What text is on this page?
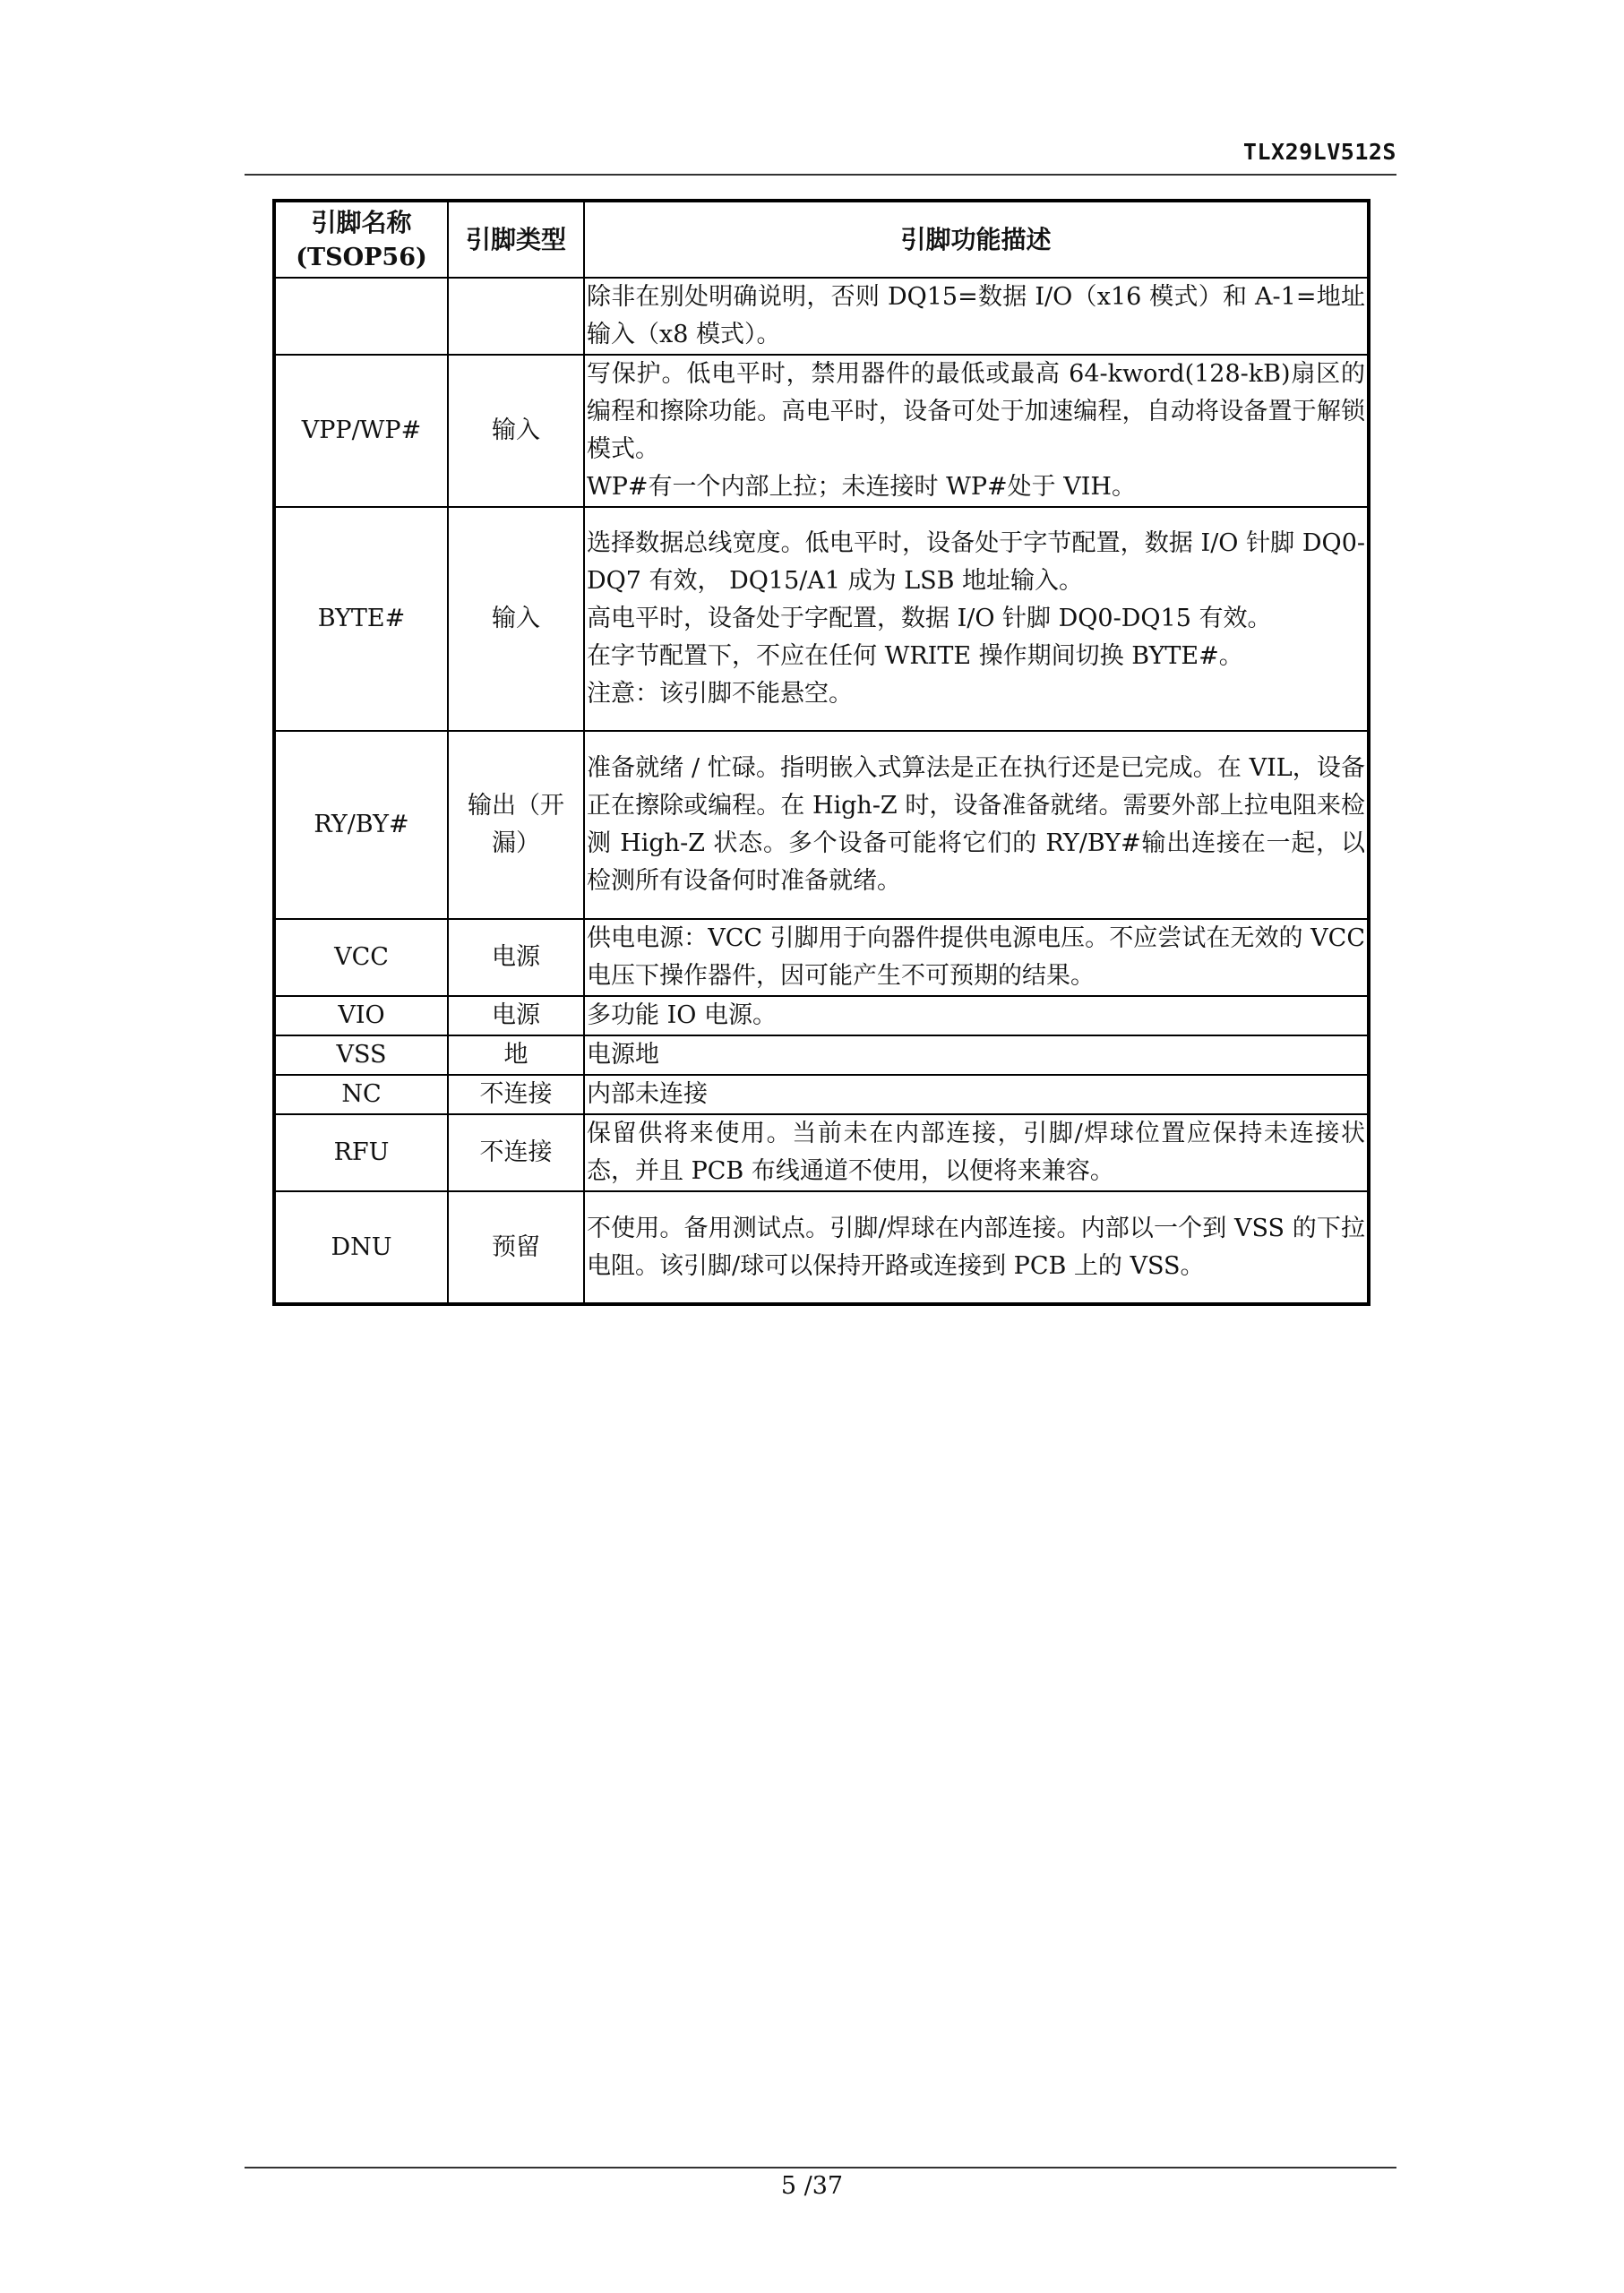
TLX29LV512S
引脚名称
(TSOP56)	引脚类型	引脚功能描述

		除非在别处明确说明，否则 DQ15=数据 I/O（x16 模式）和 A-1=地址输入（x8 模式）。

VPP/WP#	输入	写保护。低电平时，禁用器件的最低或最高 64-kword(128-kB)扇区的编程和擦除功能。高电平时，设备可处于加速编程，自动将设备置于解锁模式。
WP#有一个内部上拉；未连接时 WP#处于 VIH。

BYTE#	输入	选择数据总线宽度。低电平时，设备处于字节配置，数据 I/O 针脚 DQ0-DQ7 有效， DQ15/A1 成为 LSB 地址输入。
高电平时，设备处于字配置，数据 I/O 针脚 DQ0-DQ15 有效。
在字节配置下，不应在任何 WRITE 操作期间切换 BYTE#。
注意：该引脚不能悬空。

RY/BY#	输出（开漏）	准备就绪 / 忙碌。指明嵌入式算法是正在执行还是已完成。在 VIL，设备正在擦除或编程。在 High-Z 时，设备准备就绪。需要外部上拉电阻来检测 High-Z 状态。多个设备可能将它们的 RY/BY#输出连接在一起，以检测所有设备何时准备就绪。

VCC	电源	供电电源：VCC 引脚用于向器件提供电源电压。不应尝试在无效的 VCC 电压下操作器件，因可能产生不可预期的结果。

VIO	电源	多功能 IO 电源。

VSS	地	电源地

NC	不连接	内部未连接

RFU	不连接	保留供将来使用。当前未在内部连接，引脚/焊球位置应保持未连接状态，并且 PCB 布线通道不使用，以便将来兼容。

DNU	预留	不使用。备用测试点。引脚/焊球在内部连接。内部以一个到 VSS 的下拉电阻。该引脚/球可以保持开路或连接到 PCB 上的 VSS。
5 /37
